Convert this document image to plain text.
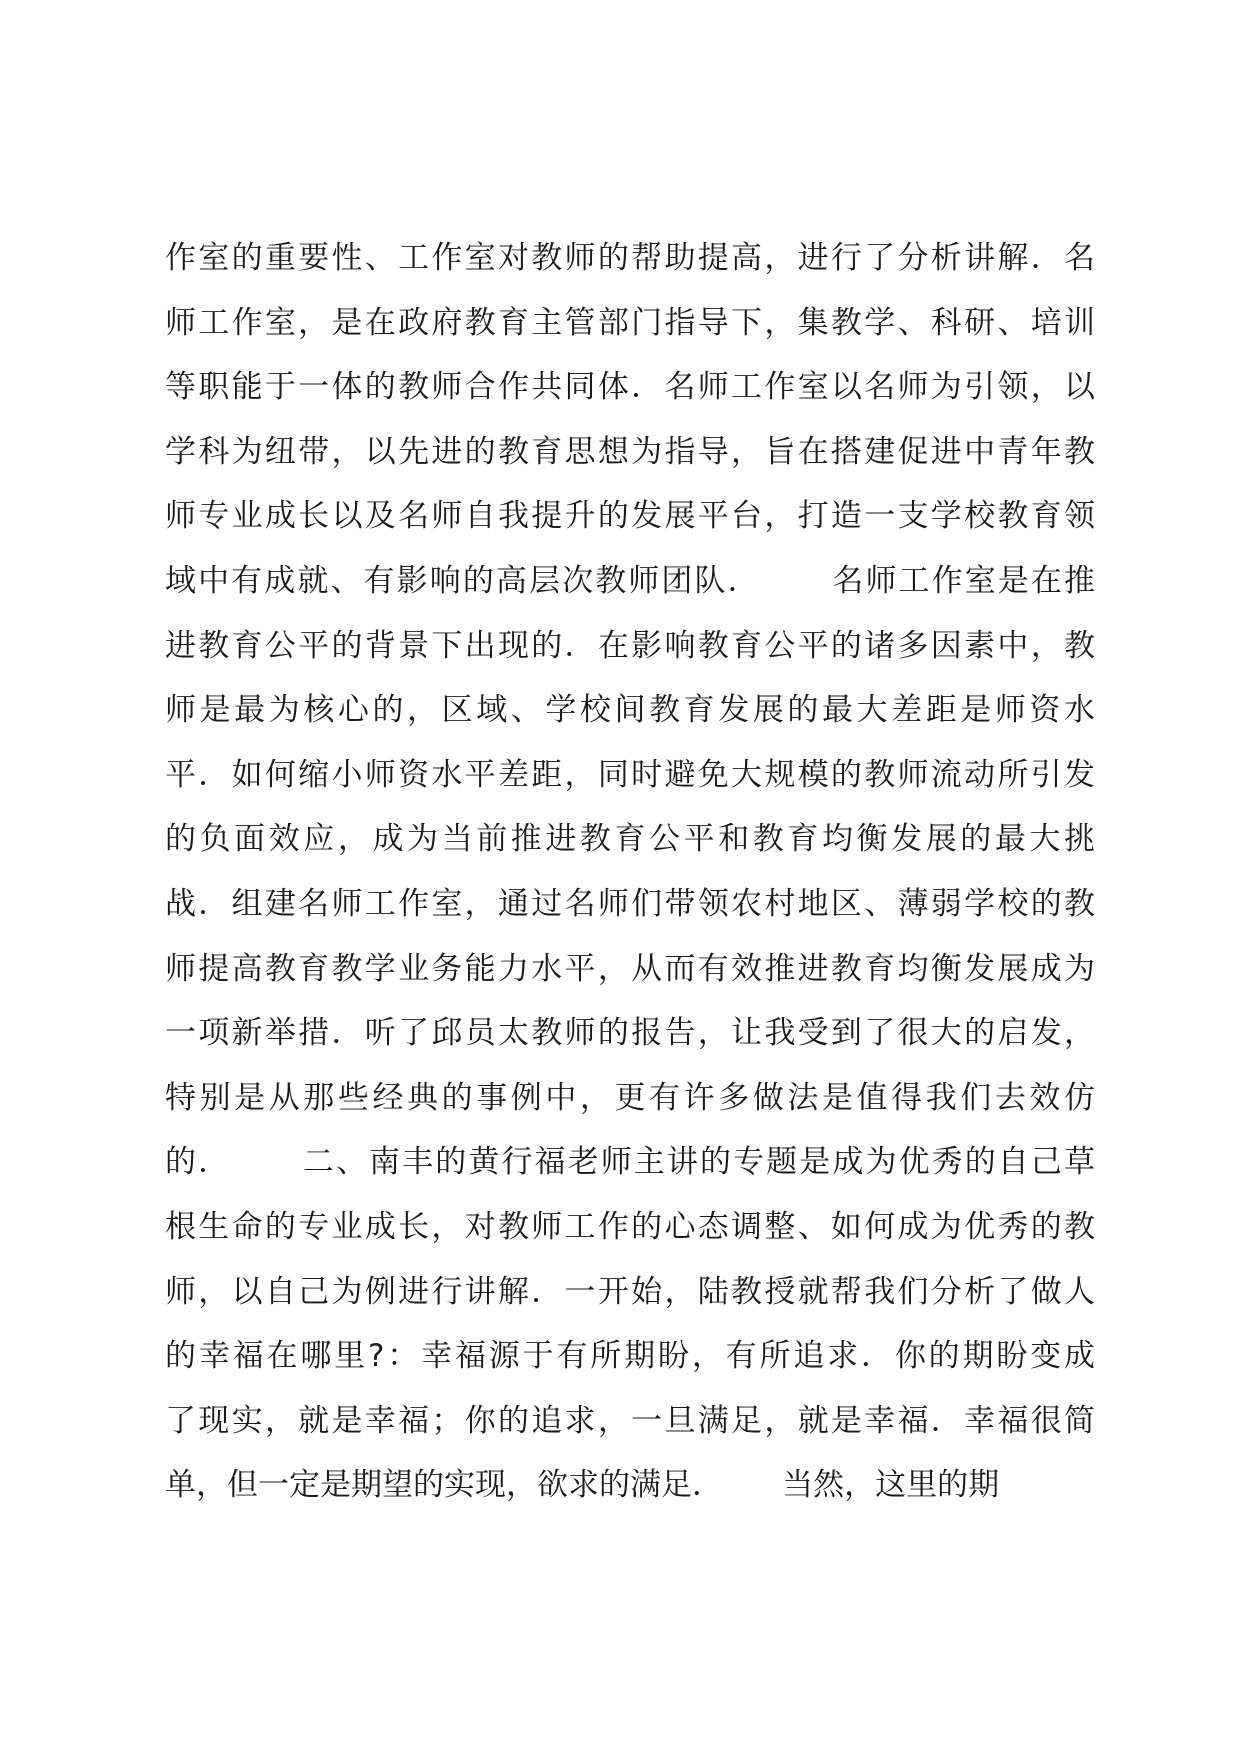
作室的重要性、工作室对教师的帮助提高，进行了分析讲解．名
师工作室，是在政府教育主管部门指导下，集教学、科研、培训
等职能于一体的教师合作共同体．名师工作室以名师为引领，以
学科为纽带，以先进的教育思想为指导，旨在搭建促进中青年教
师专业成长以及名师自我提升的发展平台，打造一支学校教育领
域中有成就、有影响的高层次教师团队．      名师工作室是在推
进教育公平的背景下出现的．在影响教育公平的诸多因素中，教
师是最为核心的，区域、学校间教育发展的最大差距是师资水
平．如何缩小师资水平差距，同时避免大规模的教师流动所引发
的负面效应，成为当前推进教育公平和教育均衡发展的最大挑
战．组建名师工作室，通过名师们带领农村地区、薄弱学校的教
师提高教育教学业务能力水平，从而有效推进教育均衡发展成为
一项新举措．听了邱员太教师的报告，让我受到了很大的启发，
特别是从那些经典的事例中，更有许多做法是值得我们去效仿
的．      二、南丰的黄行福老师主讲的专题是成为优秀的自己草
根生命的专业成长，对教师工作的心态调整、如何成为优秀的教
师，以自己为例进行讲解．一开始，陆教授就帮我们分析了做人
的幸福在哪里?：幸福源于有所期盼，有所追求．你的期盼变成
了现实，就是幸福；你的追求，一旦满足，就是幸福．幸福很简
单，但一定是期望的实现，欲求的满足．      当然，这里的期
